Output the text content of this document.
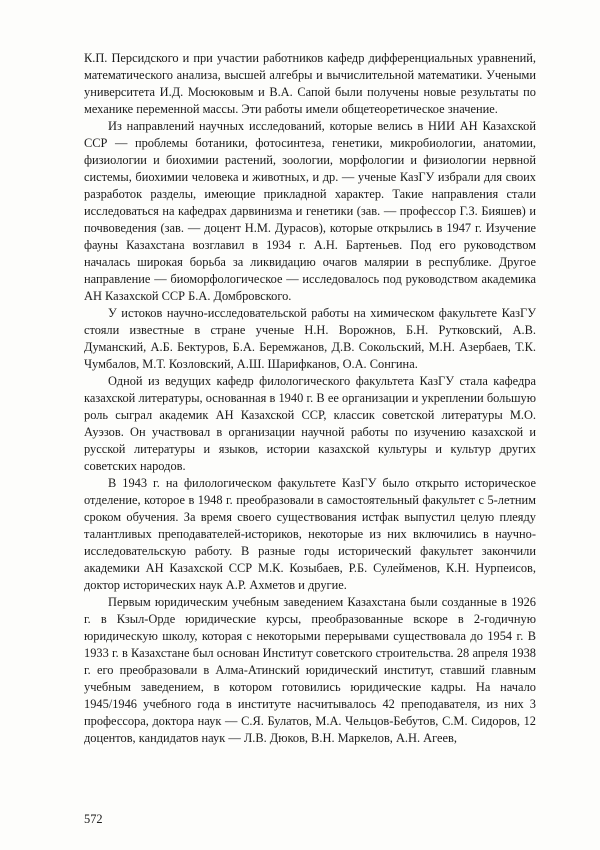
К.П. Персидского и при участии работников кафедр дифференциальных уравнений, математического анализа, высшей алгебры и вычислительной математики. Учеными университета И.Д. Мосюковым и В.А. Сапой были получены новые результаты по механике переменной массы. Эти работы имели общетеоретическое значение.

Из направлений научных исследований, которые велись в НИИ АН Казахской ССР — проблемы ботаники, фотосинтеза, генетики, микробиологии, анатомии, физиологии и биохимии растений, зоологии, морфологии и физиологии нервной системы, биохимии человека и животных, и др. — ученые КазГУ избрали для своих разработок разделы, имеющие прикладной характер. Такие направления стали исследоваться на кафедрах дарвинизма и генетики (зав. — профессор Г.З. Бияшев) и почвоведения (зав. — доцент Н.М. Дурасов), которые открылись в 1947 г. Изучение фауны Казахстана возглавил в 1934 г. А.Н. Бартеньев. Под его руководством началась широкая борьба за ликвидацию очагов малярии в республике. Другое направление — биоморфологическое — исследовалось под руководством академика АН Казахской ССР Б.А. Домбровского.

У истоков научно-исследовательской работы на химическом факультете КазГУ стояли известные в стране ученые Н.Н. Ворожнов, Б.Н. Рутковский, А.В. Думанский, А.Б. Бектуров, Б.А. Беремжанов, Д.В. Сокольский, М.Н. Азербаев, Т.К. Чумбалов, М.Т. Козловский, А.Ш. Шарифканов, О.А. Сонгина.

Одной из ведущих кафедр филологического факультета КазГУ стала кафедра казахской литературы, основанная в 1940 г. В ее организации и укреплении большую роль сыграл академик АН Казахской ССР, классик советской литературы М.О. Ауэзов. Он участвовал в организации научной работы по изучению казахской и русской литературы и языков, истории казахской культуры и культур других советских народов.

В 1943 г. на филологическом факультете КазГУ было открыто историческое отделение, которое в 1948 г. преобразовали в самостоятельный факультет с 5-летним сроком обучения. За время своего существования истфак выпустил целую плеяду талантливых преподавателей-историков, некоторые из них включились в научно-исследовательскую работу. В разные годы исторический факультет закончили академики АН Казахской ССР М.К. Козыбаев, Р.Б. Сулейменов, К.Н. Нурпеисов, доктор исторических наук А.Р. Ахметов и другие.

Первым юридическим учебным заведением Казахстана были созданные в 1926 г. в Кзыл-Орде юридические курсы, преобразованные вскоре в 2-годичную юридическую школу, которая с некоторыми перерывами существовала до 1954 г. В 1933 г. в Казахстане был основан Институт советского строительства. 28 апреля 1938 г. его преобразовали в Алма-Атинский юридический институт, ставший главным учебным заведением, в котором готовились юридические кадры. На начало 1945/1946 учебного года в институте насчитывалось 42 преподавателя, из них 3 профессора, доктора наук — С.Я. Булатов, М.А. Чельцов-Бебутов, С.М. Сидоров, 12 доцентов, кандидатов наук — Л.В. Дюков, В.Н. Маркелов, А.Н. Агеев,

572
